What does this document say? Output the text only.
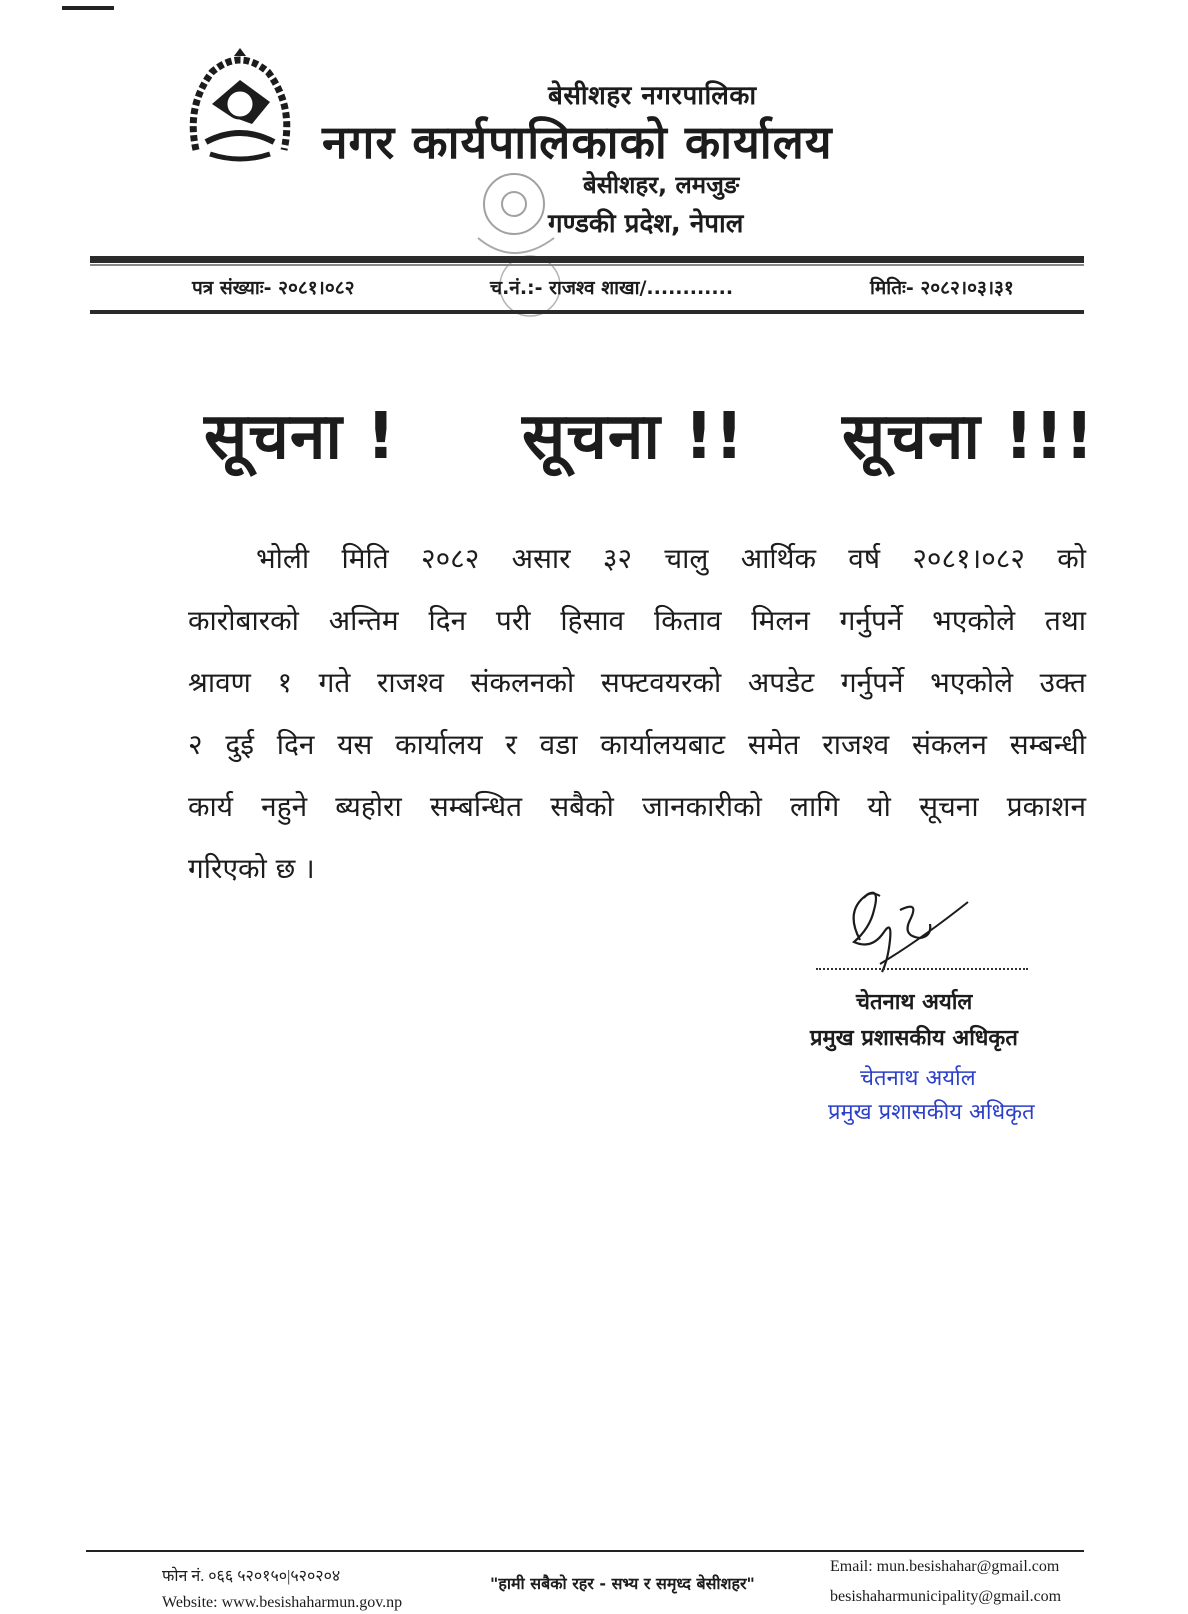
बेसीशहर नगरपालिका
नगर कार्यपालिकाको कार्यालय
बेसीशहर, लमजुङ
गण्डकी प्रदेश, नेपाल
पत्र संख्याः- २०८१।०८२	च.नं.:- राजश्व शाखा/............	मितिः- २०८२।०३।३१
सूचना ! सूचना !! सूचना !!!
भोली मिति २०८२ असार ३२ चालु आर्थिक वर्ष २०८१।०८२ को
कारोबारको अन्तिम दिन परी हिसाव किताव मिलन गर्नुपर्ने भएकोले तथा
श्रावण १ गते राजश्व संकलनको सफ्टवयरको अपडेट गर्नुपर्ने भएकोले उक्त
२ दुई दिन यस कार्यालय र वडा कार्यालयबाट समेत राजश्व संकलन सम्बन्धी
कार्य नहुने ब्यहोरा सम्बन्धित सबैको जानकारीको लागि यो सूचना प्रकाशन
गरिएको छ ।
चेतनाथ अर्याल
प्रमुख प्रशासकीय अधिकृत
चेतनाथ अर्याल
प्रमुख प्रशासकीय अधिकृत
फोन नं. ०६६ ५२०१५०|५२०२०४
Website: www.besishaharmun.gov.np
"हामी सबैको रहर - सभ्य र समृध्द बेसीशहर"
Email: mun.besishahar@gmail.com
besishaharmunicipality@gmail.com
